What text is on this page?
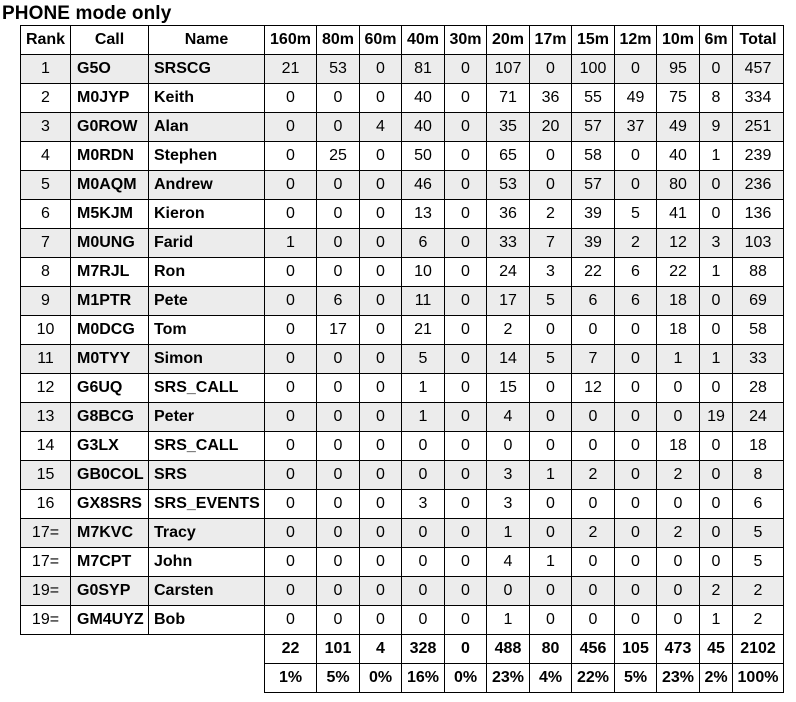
PHONE mode only
Rank	Call	Name	160m	80m	60m	40m	30m	20m	17m	15m	12m	10m	6m	Total
1	G5O	SRSCG	21	53	0	81	0	107	0	100	0	95	0	457
2	M0JYP	Keith	0	0	0	40	0	71	36	55	49	75	8	334
3	G0ROW	Alan	0	0	4	40	0	35	20	57	37	49	9	251
4	M0RDN	Stephen	0	25	0	50	0	65	0	58	0	40	1	239
5	M0AQM	Andrew	0	0	0	46	0	53	0	57	0	80	0	236
6	M5KJM	Kieron	0	0	0	13	0	36	2	39	5	41	0	136
7	M0UNG	Farid	1	0	0	6	0	33	7	39	2	12	3	103
8	M7RJL	Ron	0	0	0	10	0	24	3	22	6	22	1	88
9	M1PTR	Pete	0	6	0	11	0	17	5	6	6	18	0	69
10	M0DCG	Tom	0	17	0	21	0	2	0	0	0	18	0	58
11	M0TYY	Simon	0	0	0	5	0	14	5	7	0	1	1	33
12	G6UQ	SRS_CALL	0	0	0	1	0	15	0	12	0	0	0	28
13	G8BCG	Peter	0	0	0	1	0	4	0	0	0	0	19	24
14	G3LX	SRS_CALL	0	0	0	0	0	0	0	0	0	18	0	18
15	GB0COL	SRS	0	0	0	0	0	3	1	2	0	2	0	8
16	GX8SRS	SRS_EVENTS	0	0	0	3	0	3	0	0	0	0	0	6
17=	M7KVC	Tracy	0	0	0	0	0	1	0	2	0	2	0	5
17=	M7CPT	John	0	0	0	0	0	4	1	0	0	0	0	5
19=	G0SYP	Carsten	0	0	0	0	0	0	0	0	0	0	2	2
19=	GM4UYZ	Bob	0	0	0	0	0	1	0	0	0	0	1	2
			22	101	4	328	0	488	80	456	105	473	45	2102
			1%	5%	0%	16%	0%	23%	4%	22%	5%	23%	2%	100%
